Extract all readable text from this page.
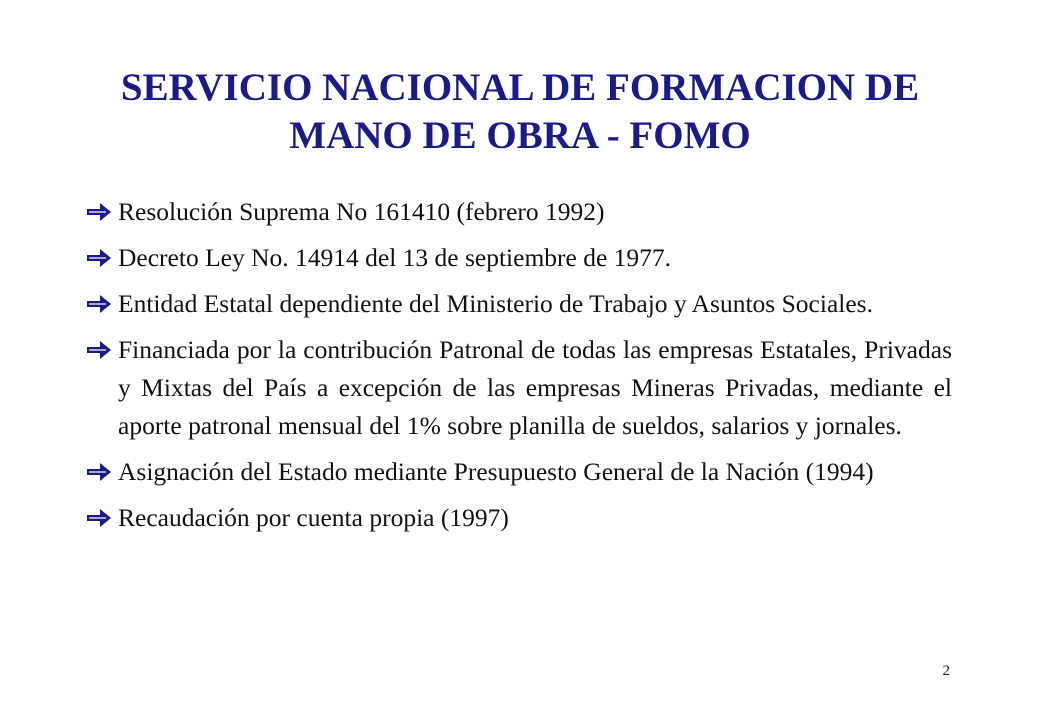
SERVICIO NACIONAL DE FORMACION DE
MANO DE OBRA - FOMO
Resolución Suprema No 161410 (febrero 1992)
Decreto Ley No. 14914 del 13 de septiembre de 1977.
Entidad Estatal dependiente del Ministerio de Trabajo y Asuntos Sociales.
Financiada por la contribución Patronal de todas las empresas Estatales, Privadas y Mixtas del País a excepción de las empresas Mineras Privadas, mediante el aporte patronal mensual del 1% sobre planilla de sueldos, salarios y jornales.
Asignación del Estado mediante Presupuesto General de la Nación (1994)
Recaudación por cuenta propia (1997)
2
